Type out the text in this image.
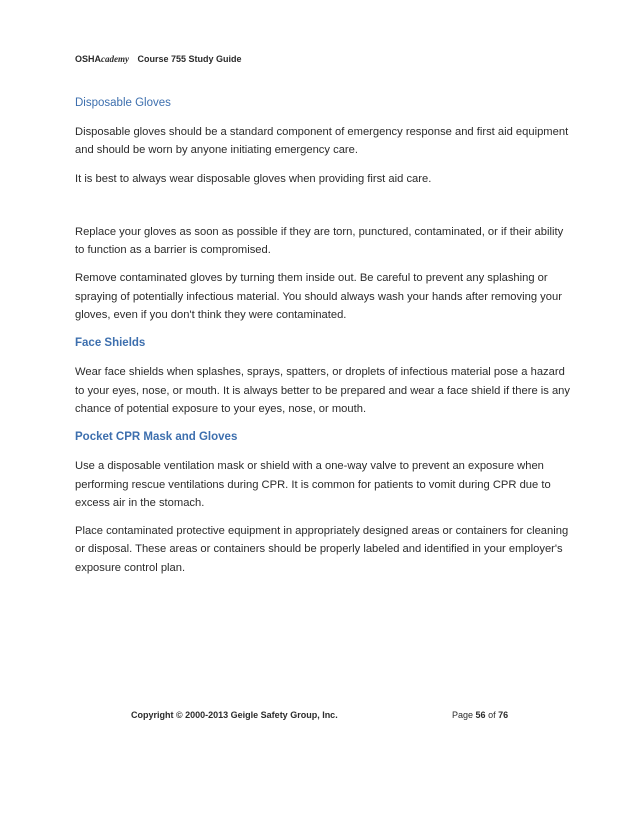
OSHAcademy Course 755 Study Guide
Disposable Gloves

Disposable gloves should be a standard component of emergency response and first aid equipment and should be worn by anyone initiating emergency care.

It is best to always wear disposable gloves when providing first aid care.

Replace your gloves as soon as possible if they are torn, punctured, contaminated, or if their ability to function as a barrier is compromised.

Remove contaminated gloves by turning them inside out. Be careful to prevent any splashing or spraying of potentially infectious material. You should always wash your hands after removing your gloves, even if you don't think they were contaminated.

Face Shields

Wear face shields when splashes, sprays, spatters, or droplets of infectious material pose a hazard to your eyes, nose, or mouth. It is always better to be prepared and wear a face shield if there is any chance of potential exposure to your eyes, nose, or mouth.

Pocket CPR Mask and Gloves

Use a disposable ventilation mask or shield with a one-way valve to prevent an exposure when performing rescue ventilations during CPR. It is common for patients to vomit during CPR due to excess air in the stomach.

Place contaminated protective equipment in appropriately designed areas or containers for cleaning or disposal. These areas or containers should be properly labeled and identified in your employer's exposure control plan.

Copyright © 2000-2013 Geigle Safety Group, Inc.	Page 56 of 76
